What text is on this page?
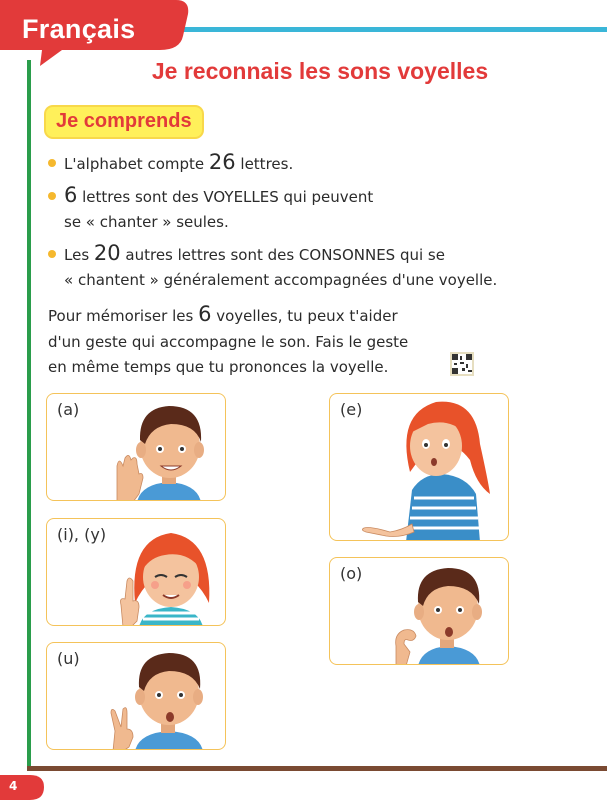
Français
Je reconnais les sons voyelles
Je comprends
L'alphabet compte 26 lettres.
6 lettres sont des VOYELLES qui peuvent
se « chanter » seules.
Les 20 autres lettres sont des CONSONNES qui se
« chantent » généralement accompagnées d'une voyelle.

Pour mémoriser les 6 voyelles, tu peux t'aider
d'un geste qui accompagne le son. Fais le geste
en même temps que tu prononces la voyelle.

(a)
(i), (y)
(u)
(e)
(o)
4
